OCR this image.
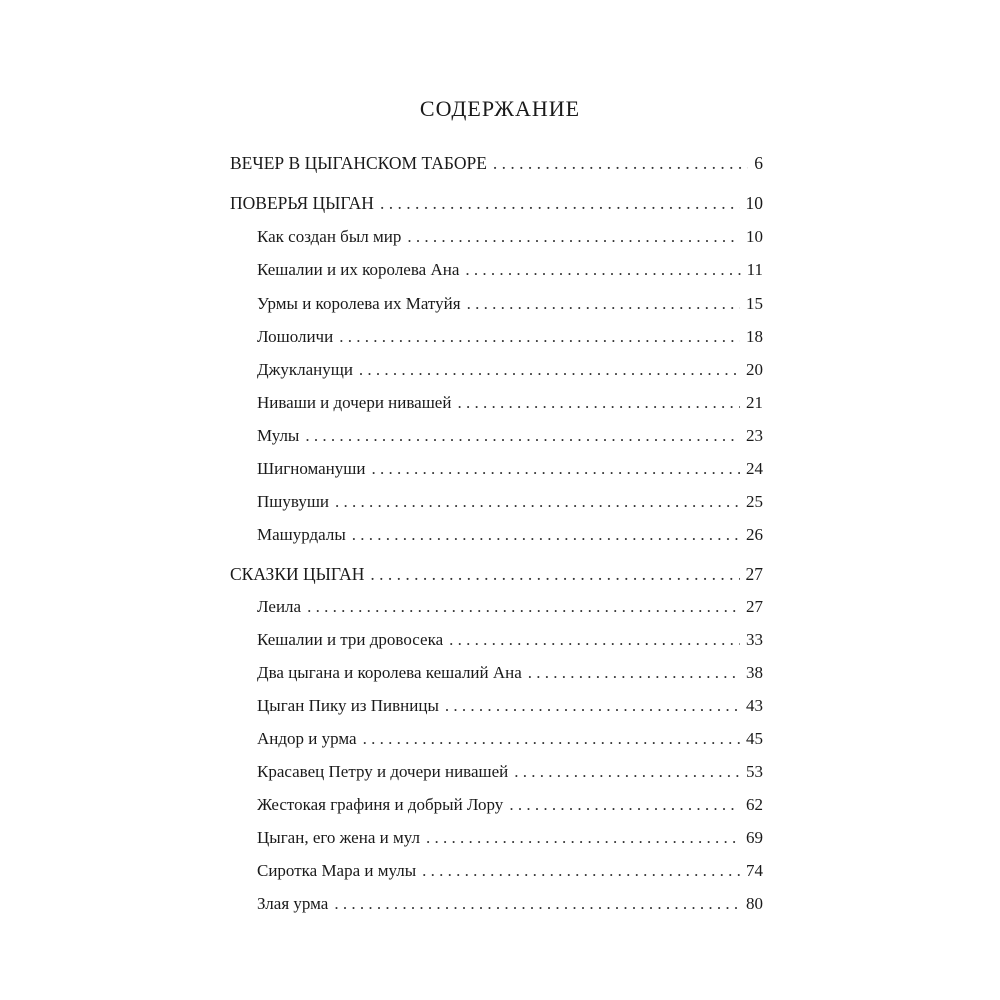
СОДЕРЖАНИЕ
ВЕЧЕР В ЦЫГАНСКОМ ТАБОРЕ . . .	6
ПОВЕРЬЯ ЦЫГАН . . .	10
Как создан был мир . . .	10
Кешалии и их королева Ана . . .	11
Урмы и королева их Матуйя . . .	15
Лошоличи . . .	18
Джукланущи . . .	20
Ниваши и дочери нивашей . . .	21
Мулы . . .	23
Шигномануши . . .	24
Пшувуши . . .	25
Машурдалы . . .	26
СКАЗКИ ЦЫГАН . . .	27
Леила . . .	27
Кешалии и три дровосека . . .	33
Два цыгана и королева кешалий Ана . . .	38
Цыган Пику из Пивницы . . .	43
Андор и урма . . .	45
Красавец Петру и дочери нивашей . . .	53
Жестокая графиня и добрый Лору . . .	62
Цыган, его жена и мул . . .	69
Сиротка Мара и мулы . . .	74
Злая урма . . .	80
